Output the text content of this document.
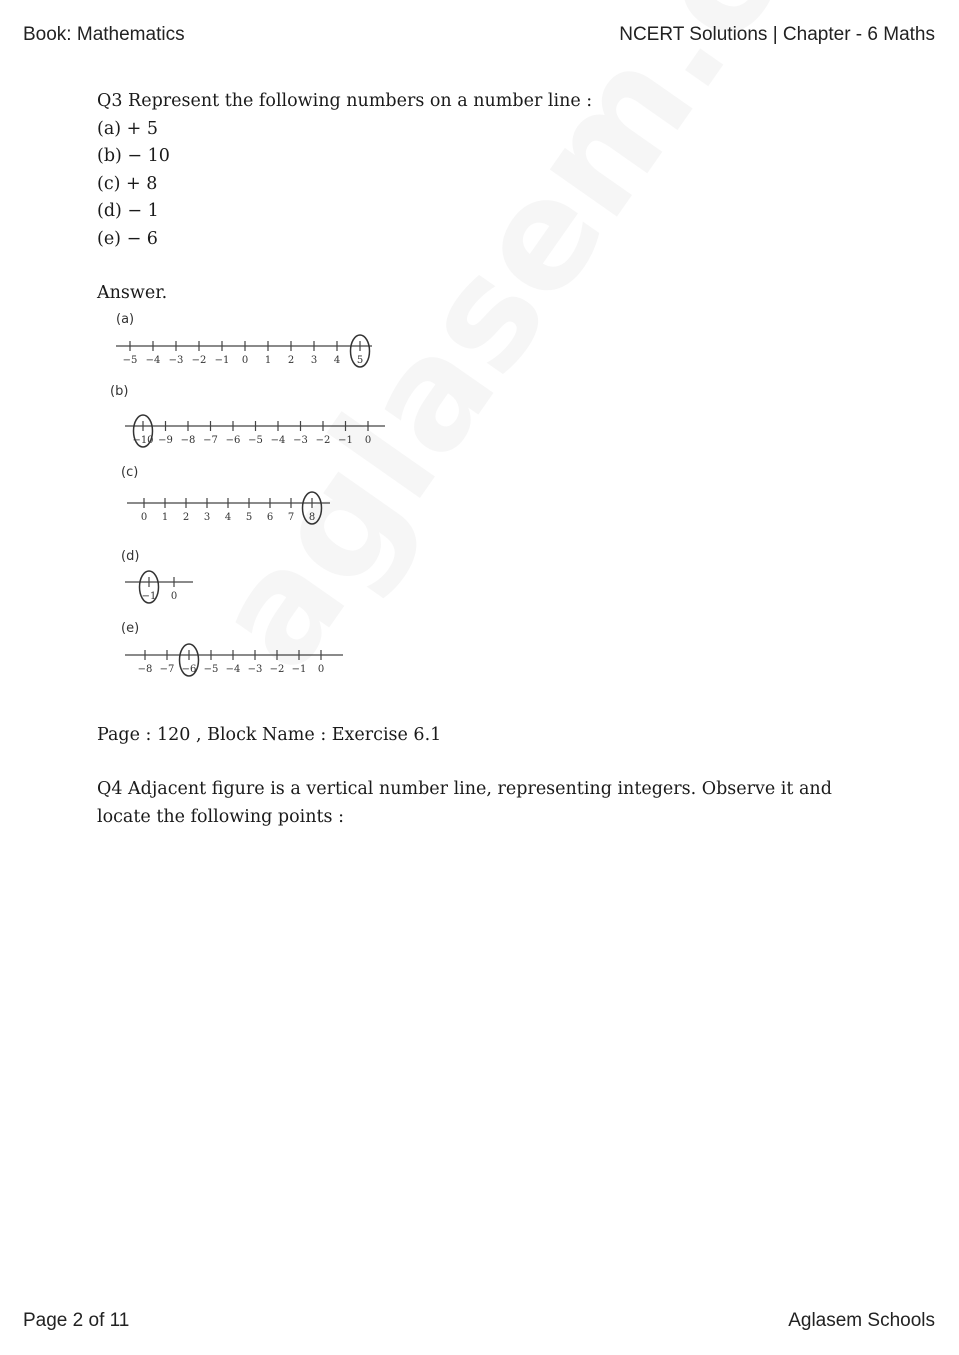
Book: Mathematics	NCERT Solutions | Chapter - 6 Maths
Q3 Represent the following numbers on a number line :
(a) + 5
(b) − 10
(c) + 8
(d) − 1
(e) − 6
Answer.
(a)
−5 −4 −3 −2 −1 0 1 2 3 4 5
(b)
−10 −9 −8 −7 −6 −5 −4 −3 −2 −1 0
(c)
0 1 2 3 4 5 6 7 8
(d)
−1 0
(e)
−8 −7 −6 −5 −4 −3 −2 −1 0
Page : 120 , Block Name : Exercise 6.1
Q4 Adjacent figure is a vertical number line, representing integers. Observe it and locate the following points :
Page 2 of 11	Aglasem Schools
